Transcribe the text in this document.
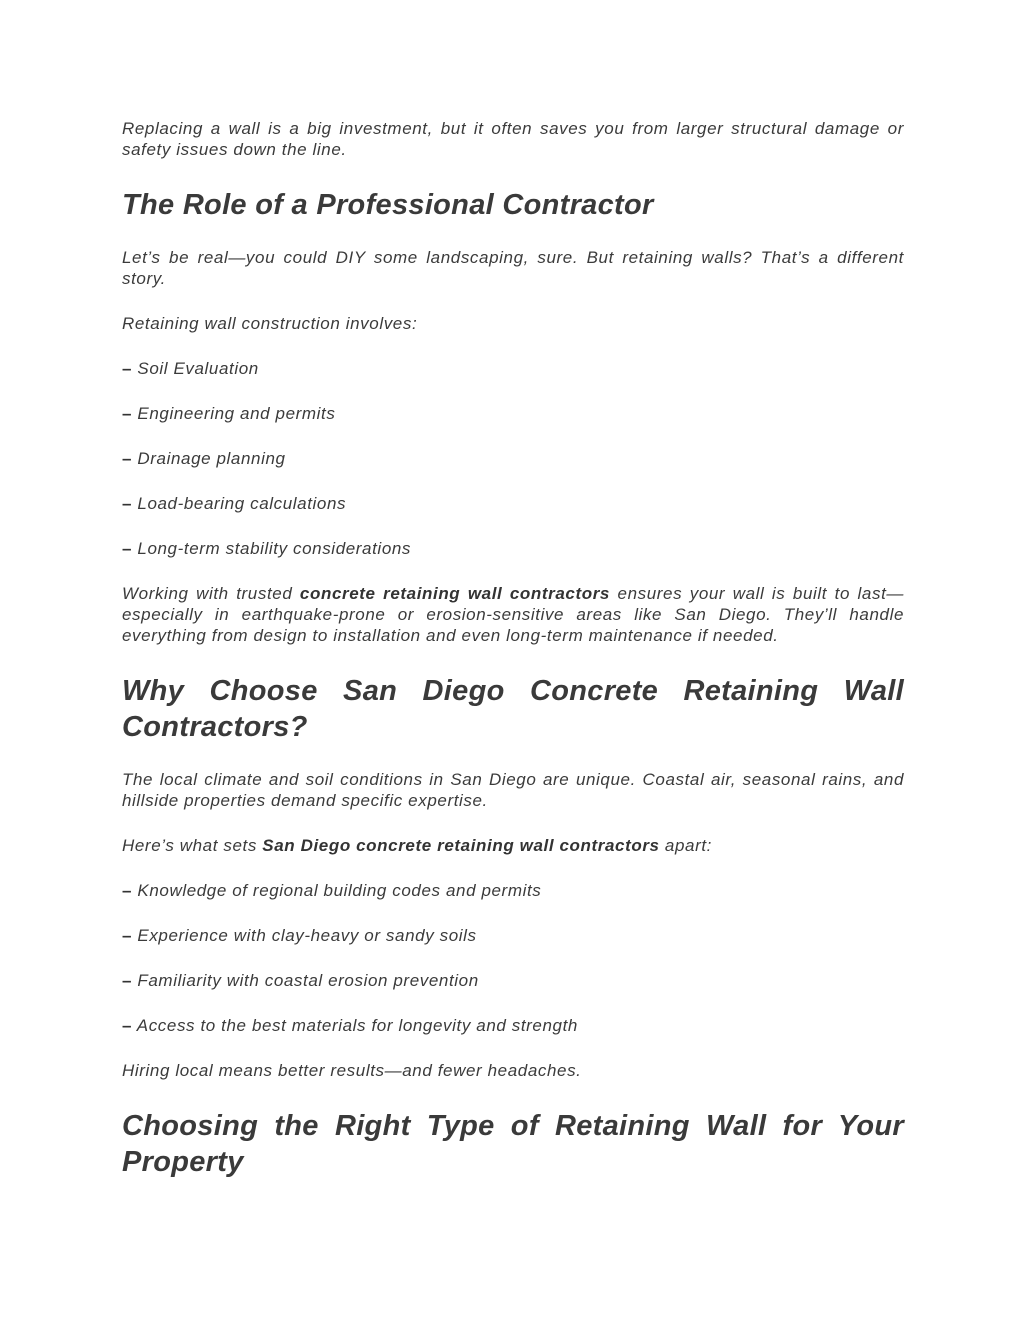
Replacing a wall is a big investment, but it often saves you from larger structural damage or safety issues down the line.

The Role of a Professional Contractor

Let’s be real—you could DIY some landscaping, sure. But retaining walls? That’s a different story.

Retaining wall construction involves:

– Soil Evaluation

– Engineering and permits

– Drainage planning

– Load-bearing calculations

– Long-term stability considerations

Working with trusted concrete retaining wall contractors ensures your wall is built to last—especially in earthquake-prone or erosion-sensitive areas like San Diego. They’ll handle everything from design to installation and even long-term maintenance if needed.

Why Choose San Diego Concrete Retaining Wall Contractors?

The local climate and soil conditions in San Diego are unique. Coastal air, seasonal rains, and hillside properties demand specific expertise.

Here’s what sets San Diego concrete retaining wall contractors apart:

– Knowledge of regional building codes and permits

– Experience with clay-heavy or sandy soils

– Familiarity with coastal erosion prevention

– Access to the best materials for longevity and strength

Hiring local means better results—and fewer headaches.

Choosing the Right Type of Retaining Wall for Your Property
